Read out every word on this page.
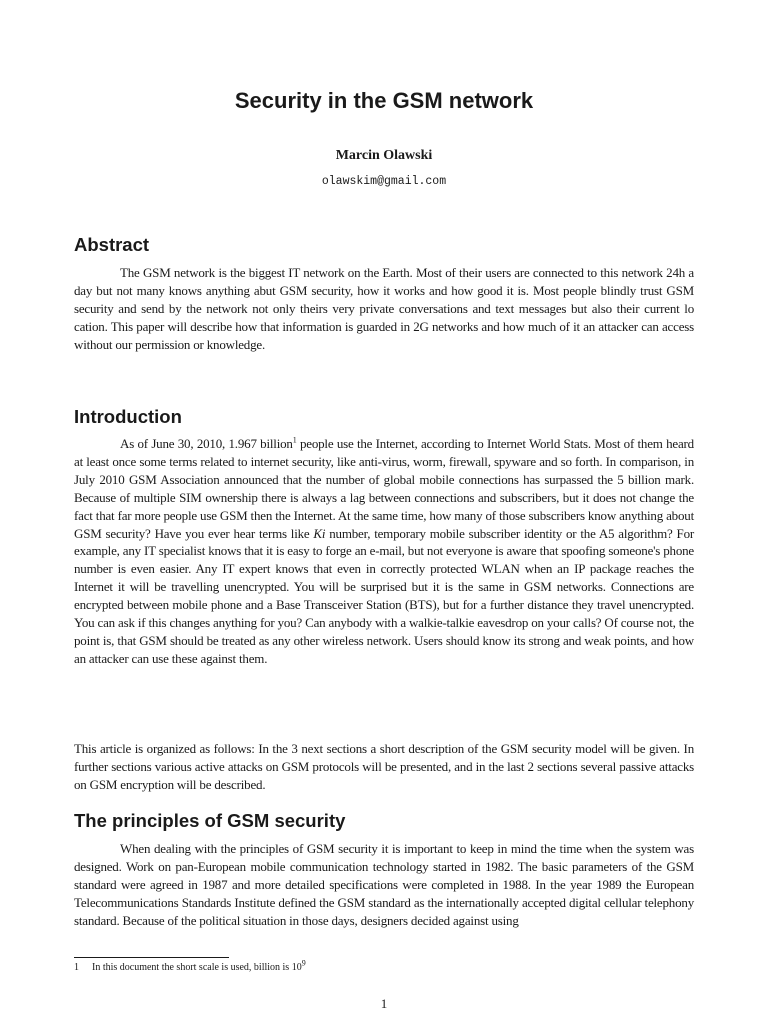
Security in the GSM network
Marcin Olawski
olawskim@gmail.com
Abstract

The GSM network is the biggest IT network on the Earth. Most of their users are connected to this network 24h a day but not many knows anything abut GSM security, how it works and how good it is. Most people blindly trust GSM security and send by the network not only theirs very private conversations and text messages but also their current lo cation. This paper will describe how that information is guarded in 2G networks and how much of it an attacker can access without our permission or knowledge.

Introduction

As of June 30, 2010, 1.967 billion$^1$ people use the Internet, according to Internet World Stats. Most of them heard at least once some terms related to internet security, like anti-virus, worm, firewall, spyware and so forth. In comparison, in July 2010 GSM Association announced that the number of global mobile connections has surpassed the 5 billion mark. Because of multiple SIM ownership there is always a lag between connections and subscribers, but it does not change the fact that far more people use GSM then the Internet. At the same time, how many of those subscribers know anything about GSM security? Have you ever hear terms like Ki number, temporary mobile subscriber identity or the A5 algorithm? For example, any IT specialist knows that it is easy to forge an e-mail, but not everyone is aware that spoofing someone's phone number is even easier. Any IT expert knows that even in correctly protected WLAN when an IP package reaches the Internet it will be travelling unencrypted. You will be surprised but it is the same in GSM networks. Connections are encrypted between mobile phone and a Base Transceiver Station (BTS), but for a further distance they travel unencrypted. You can ask if this changes anything for you? Can anybody with a walkie-talkie eavesdrop on your calls? Of course not, the point is, that GSM should be treated as any other wireless network. Users should know its strong and weak points, and how an attacker can use these against them.

This article is organized as follows: In the 3 next sections a short description of the GSM security model will be given. In further sections various active attacks on GSM protocols will be presented, and in the last 2 sections several passive attacks on GSM encryption will be described.

The principles of GSM security

When dealing with the principles of GSM security it is important to keep in mind the time when the system was designed. Work on pan-European mobile communication technology started in 1982. The basic parameters of the GSM standard were agreed in 1987 and more detailed specifications were completed in 1988. In the year 1989 the European Telecommunications Standards Institute defined the GSM standard as the internationally accepted digital cellular telephony standard. Because of the political situation in those days, designers decided against using

1 In this document the short scale is used, billion is $10^9$
1
